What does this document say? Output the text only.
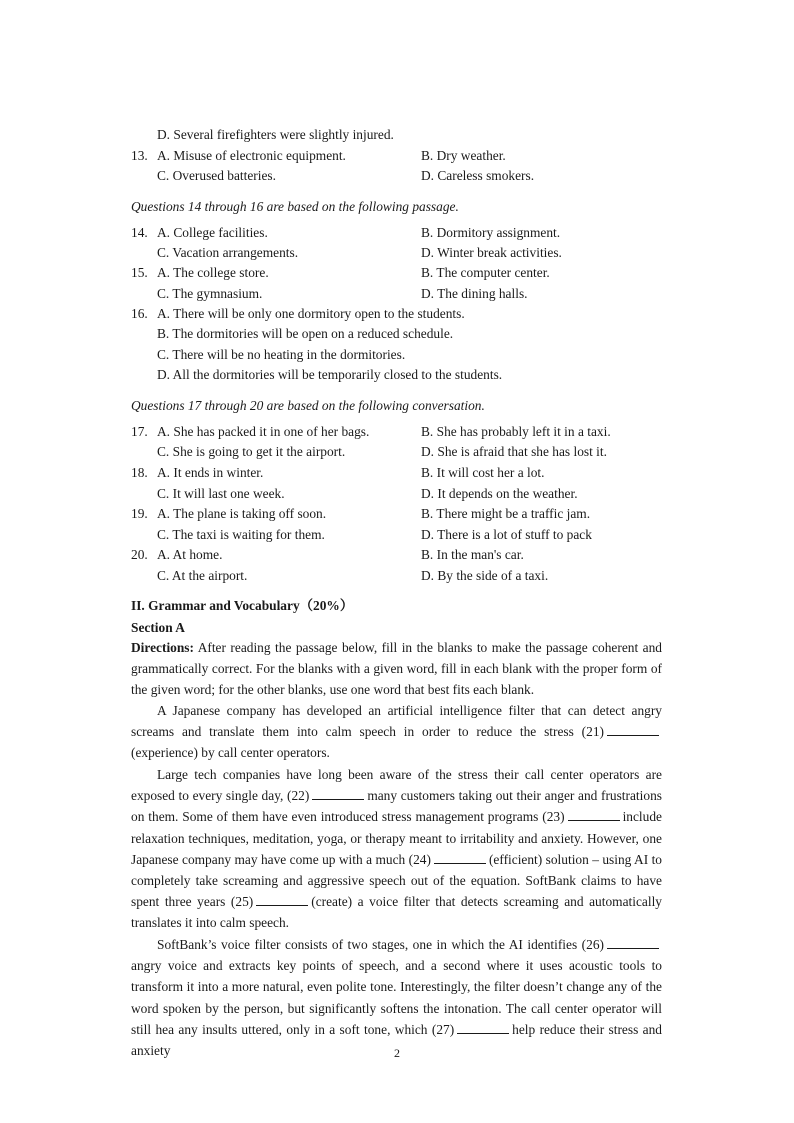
D. Several firefighters were slightly injured.
13. A. Misuse of electronic equipment.	B. Dry weather.
C. Overused batteries.	D. Careless smokers.
Questions 14 through 16 are based on the following passage.
14. A. College facilities.	B. Dormitory assignment.
C. Vacation arrangements.	D. Winter break activities.
15. A. The college store.	B. The computer center.
C. The gymnasium.	D. The dining halls.
16. A. There will be only one dormitory open to the students.
B. The dormitories will be open on a reduced schedule.
C. There will be no heating in the dormitories.
D. All the dormitories will be temporarily closed to the students.
Questions 17 through 20 are based on the following conversation.
17. A. She has packed it in one of her bags.	B. She has probably left it in a taxi.
C. She is going to get it the airport.	D. She is afraid that she has lost it.
18. A. It ends in winter.	B. It will cost her a lot.
C. It will last one week.	D. It depends on the weather.
19. A. The plane is taking off soon.	B. There might be a traffic jam.
C. The taxi is waiting for them.	D. There is a lot of stuff to pack
20. A. At home.	B. In the man's car.
C. At the airport.	D. By the side of a taxi.
II. Grammar and Vocabulary（20%）
Section A

Directions: After reading the passage below, fill in the blanks to make the passage coherent and grammatically correct. For the blanks with a given word, fill in each blank with the proper form of the given word; for the other blanks, use one word that best fits each blank.

A Japanese company has developed an artificial intelligence filter that can detect angry screams and translate them into calm speech in order to reduce the stress (21)(experience) by call center operators.

Large tech companies have long been aware of the stress their call center operators are exposed to every single day, (22)	many customers taking out their anger and frustrations on them. Some of them have even introduced stress management programs (23)	include relaxation techniques, meditation, yoga, or therapy meant to irritability and anxiety. However, one Japanese company may have come up with a much (24)	(efficient) solution – using AI to completely take screaming and aggressive speech out of the equation. SoftBank claims to have spent three years (25)	(create) a voice filter that detects screaming and automatically translates it into calm speech.

SoftBank’s voice filter consists of two stages, one in which the AI identifies (26)angry voice and extracts key points of speech, and a second where it uses acoustic tools to transform it into a more natural, even polite tone. Interestingly, the filter doesn’t change any of the word spoken by the person, but significantly softens the intonation. The call center operator will still hea any insults uttered, only in a soft tone, which (27)	help reduce their stress and anxiety	2
